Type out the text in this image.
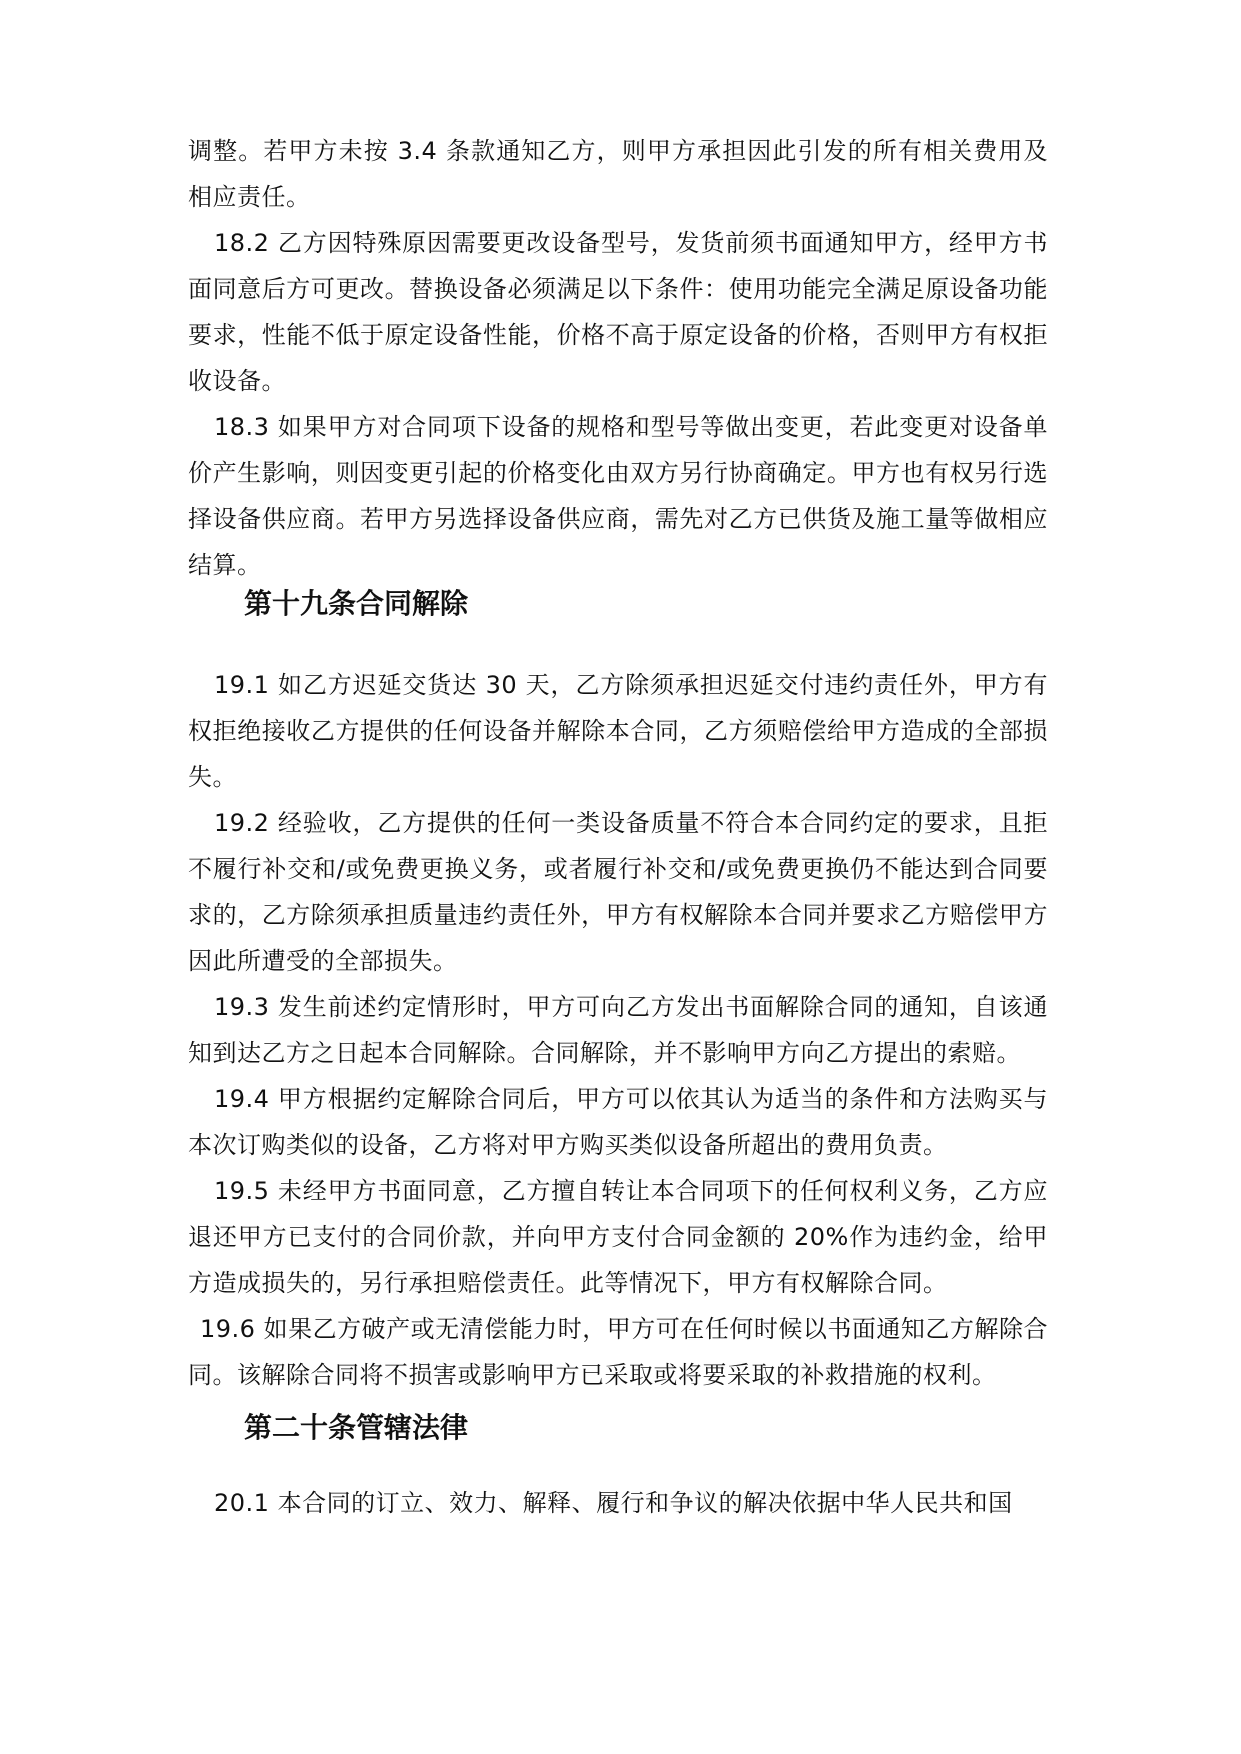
调整。若甲方未按 3.4 条款通知乙方，则甲方承担因此引发的所有相关费用及相应责任。

18.2 乙方因特殊原因需要更改设备型号，发货前须书面通知甲方，经甲方书面同意后方可更改。替换设备必须满足以下条件：使用功能完全满足原设备功能要求，性能不低于原定设备性能，价格不高于原定设备的价格，否则甲方有权拒收设备。

18.3 如果甲方对合同项下设备的规格和型号等做出变更，若此变更对设备单价产生影响，则因变更引起的价格变化由双方另行协商确定。甲方也有权另行选择设备供应商。若甲方另选择设备供应商，需先对乙方已供货及施工量等做相应结算。

第十九条合同解除

19.1 如乙方迟延交货达 30 天，乙方除须承担迟延交付违约责任外，甲方有权拒绝接收乙方提供的任何设备并解除本合同，乙方须赔偿给甲方造成的全部损失。

19.2 经验收，乙方提供的任何一类设备质量不符合本合同约定的要求，且拒不履行补交和/或免费更换义务，或者履行补交和/或免费更换仍不能达到合同要求的，乙方除须承担质量违约责任外，甲方有权解除本合同并要求乙方赔偿甲方因此所遭受的全部损失。

19.3 发生前述约定情形时，甲方可向乙方发出书面解除合同的通知，自该通知到达乙方之日起本合同解除。合同解除，并不影响甲方向乙方提出的索赔。

19.4 甲方根据约定解除合同后，甲方可以依其认为适当的条件和方法购买与本次订购类似的设备，乙方将对甲方购买类似设备所超出的费用负责。

19.5 未经甲方书面同意，乙方擅自转让本合同项下的任何权利义务，乙方应退还甲方已支付的合同价款，并向甲方支付合同金额的 20%作为违约金，给甲方造成损失的，另行承担赔偿责任。此等情况下，甲方有权解除合同。

19.6 如果乙方破产或无清偿能力时，甲方可在任何时候以书面通知乙方解除合同。该解除合同将不损害或影响甲方已采取或将要采取的补救措施的权利。

第二十条管辖法律

20.1 本合同的订立、效力、解释、履行和争议的解决依据中华人民共和国
